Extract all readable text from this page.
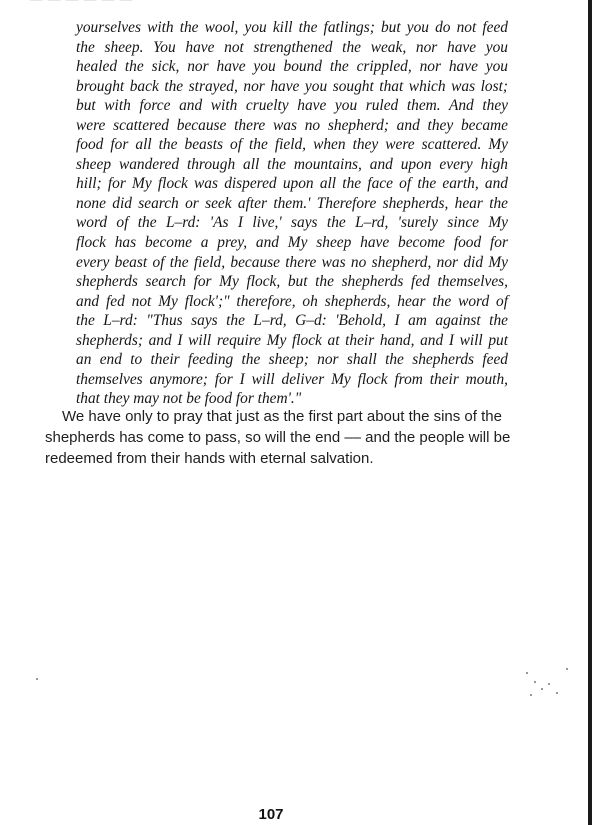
yourselves with the wool, you kill the fatlings; but you do not feed
the sheep. You have not strengthened the weak, nor have you
healed the sick, nor have you bound the crippled, nor have you
brought back the strayed, nor have you sought that which was lost;
but with force and with cruelty have you ruled them. And they
were scattered because there was no shepherd; and they became
food for all the beasts of the field, when they were scattered. My
sheep wandered through all the mountains, and upon every high
hill; for My flock was dispered upon all the face of the earth, and
none did search or seek after them.' Therefore shepherds, hear the
word of the L–rd: 'As I live,' says the L–rd, 'surely since My
flock has become a prey, and My sheep have become food for
every beast of the field, because there was no shepherd, nor did My
shepherds search for My flock, but the shepherds fed themselves,
and fed not My flock';" therefore, oh shepherds, hear the word of
the L–rd: "Thus says the L–rd, G–d: 'Behold, I am against the
shepherds; and I will require My flock at their hand, and I will put
an end to their feeding the sheep; nor shall the shepherds feed
themselves anymore; for I will deliver My flock from their mouth,
that they may not be food for them'."
We have only to pray that just as the first part about the sins of the
shepherds has come to pass, so will the end –– and the people will be
redeemed from their hands with eternal salvation.
107
